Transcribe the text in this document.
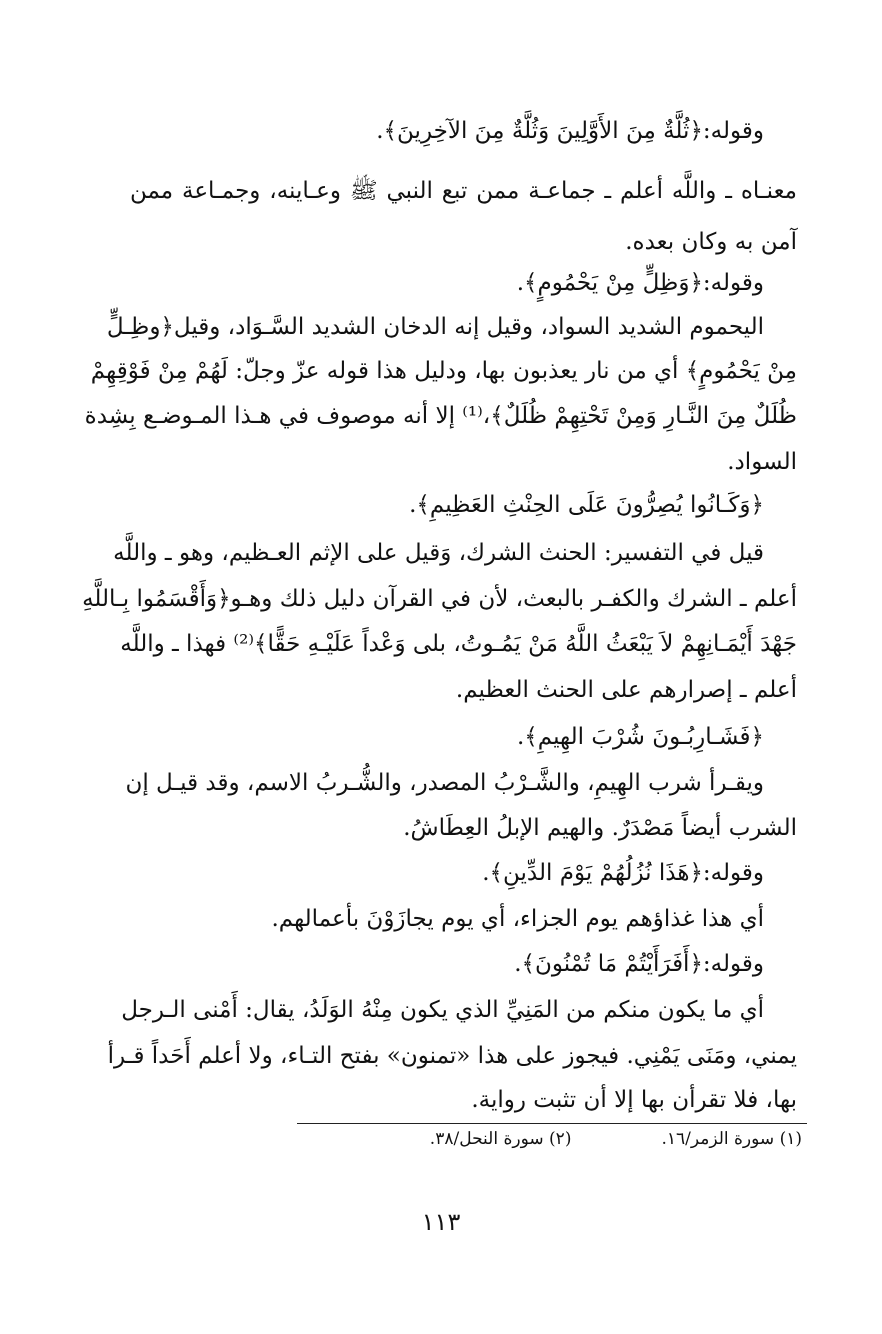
وقوله:﴿ثُلَّةٌ مِنَ الأَوَّلِينَ وَثُلَّةٌ مِنَ الآخِرِينَ﴾.
معنـاه ـ واللَّه أعلم ـ جماعـة ممن تبع النبي ﷺ وعـاينه، وجمـاعة ممن
آمن به وكان بعده.
وقوله:﴿وَظِلٍّ مِنْ يَحْمُومٍ﴾.
اليحموم الشديد السواد، وقيل إنه الدخان الشديد السَّـوَاد، وقيل﴿وظِـلٍّ
مِنْ يَحْمُومٍ﴾ أي من نار يعذبون بها، ودليل هذا قوله عزّ وجلّ: لَهُمْ مِنْ فَوْقِهِمْ
ظُلَلٌ مِنَ النَّـارِ وَمِنْ تَحْتِهِمْ ظُلَلٌ﴾،⁽¹⁾ إلا أنه موصوف في هـذا المـوضـع بِشِدة
السواد.
﴿وَكَـانُوا يُصِرُّونَ عَلَى الحِنْثِ العَظِيمِ﴾.
قيل في التفسير: الحنث الشرك، وَقيل على الإثم العـظيم، وهو ـ واللَّه
أعلم ـ الشرك والكفـر بالبعث، لأن في القرآن دليل ذلك وهـو﴿وَأَقْسَمُوا بِـاللَّهِ
جَهْدَ أَيْمَـانِهِمْ لاَ يَبْعَثُ اللَّهُ مَنْ يَمُـوتُ، بلى وَعْداً عَلَيْـهِ حَقًّا﴾⁽²⁾ فهذا ـ واللَّه
أعلم ـ إصرارهم على الحنث العظيم.
﴿فَشَـارِبُـونَ شُرْبَ الهِيمِ﴾.
ويقـرأ شرب الهِيمِ، والشَّـرْبُ المصدر، والشُّـربُ الاسم، وقد قيـل إن
الشرب أيضاً مَصْدَرٌ. والهيم الإبلُ العِطَاشُ.
وقوله:﴿هَذَا نُزُلُهُمْ يَوْمَ الدِّينِ﴾.
أي هذا غذاؤهم يوم الجزاء، أي يوم يجازَوْنَ بأعمالهم.
وقوله:﴿أَفَرَأَيْتُمْ مَا تُمْنُونَ﴾.
أي ما يكون منكم من المَنِيِّ الذي يكون مِنْهُ الوَلَدُ، يقال: أَمْنى الـرجل
يمني، ومَنَى يَمْنِي. فيجوز على هذا «تمنون» بفتح التـاء، ولا أعلم أَحَداً قـرأ
بها، فلا تقرأن بها إلا أن تثبت رواية.
(١) سورة الزمر/١٦.
(٢) سورة النحل/٣٨.
١١٣
